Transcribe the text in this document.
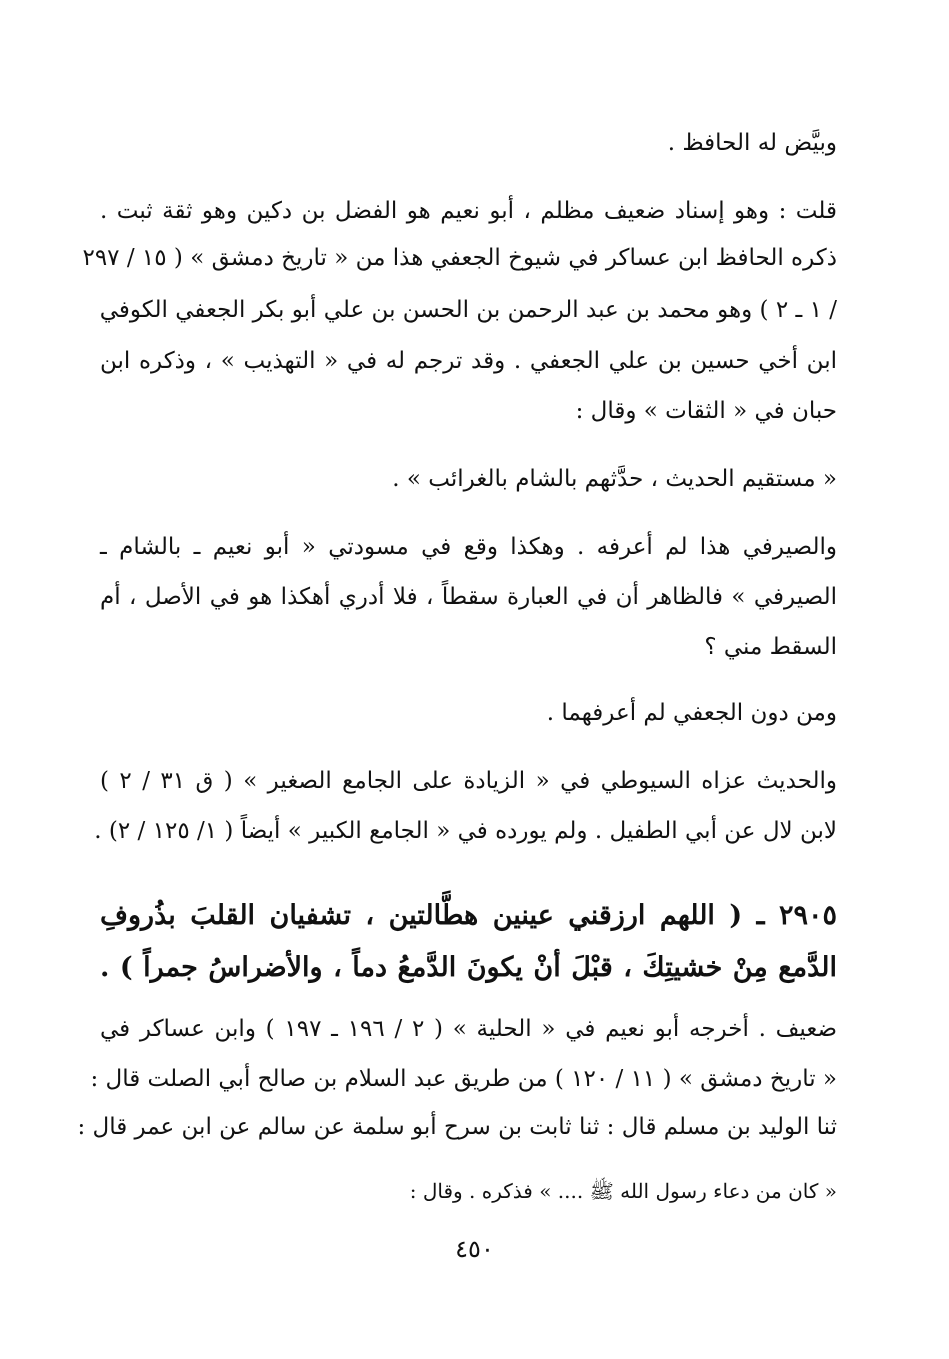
وبيَّض له الحافظ .
قلت : وهو إسناد ضعيف مظلم ، أبو نعيم هو الفضل بن دكين وهو ثقة ثبت .
ذكره الحافظ ابن عساكر في شيوخ الجعفي هذا من « تاريخ دمشق » ( ١٥ / ٢٩٧
/ ١ ـ ٢ ) وهو محمد بن عبد الرحمن بن الحسن بن علي أبو بكر الجعفي الكوفي
ابن أخي حسين بن علي الجعفي . وقد ترجم له في « التهذيب » ، وذكره ابن
حبان في « الثقات » وقال :
« مستقيم الحديث ، حدَّثهم بالشام بالغرائب » .
والصيرفي هذا لم أعرفه . وهكذا وقع في مسودتي « أبو نعيم ـ بالشام ـ
الصيرفي » فالظاهر أن في العبارة سقطاً ، فلا أدري أهكذا هو في الأصل ، أم
السقط مني ؟
ومن دون الجعفي لم أعرفهما .
والحديث عزاه السيوطي في « الزيادة على الجامع الصغير » ( ق ٣١ / ٢ )
لابن لال عن أبي الطفيل . ولم يورده في « الجامع الكبير » أيضاً ( ١/ ١٢٥ / ٢) .
٢٩٠٥ ـ ( اللهم ارزقني عينين هطَّالتين ، تشفيان القلبَ بذُروفِ
الدَّمع مِنْ خشيتِكَ ، قبْلَ أنْ يكونَ الدَّمعُ دماً ، والأضراسُ جمراً ) .
ضعيف . أخرجه أبو نعيم في « الحلية » ( ٢ / ١٩٦ ـ ١٩٧ ) وابن عساكر في
« تاريخ دمشق » ( ١١ / ١٢٠ ) من طريق عبد السلام بن صالح أبي الصلت قال :
ثنا الوليد بن مسلم قال : ثنا ثابت بن سرح أبو سلمة عن سالم عن ابن عمر قال :
« كان من دعاء رسول الله ﷺ .... » فذكره . وقال :
٤٥٠
